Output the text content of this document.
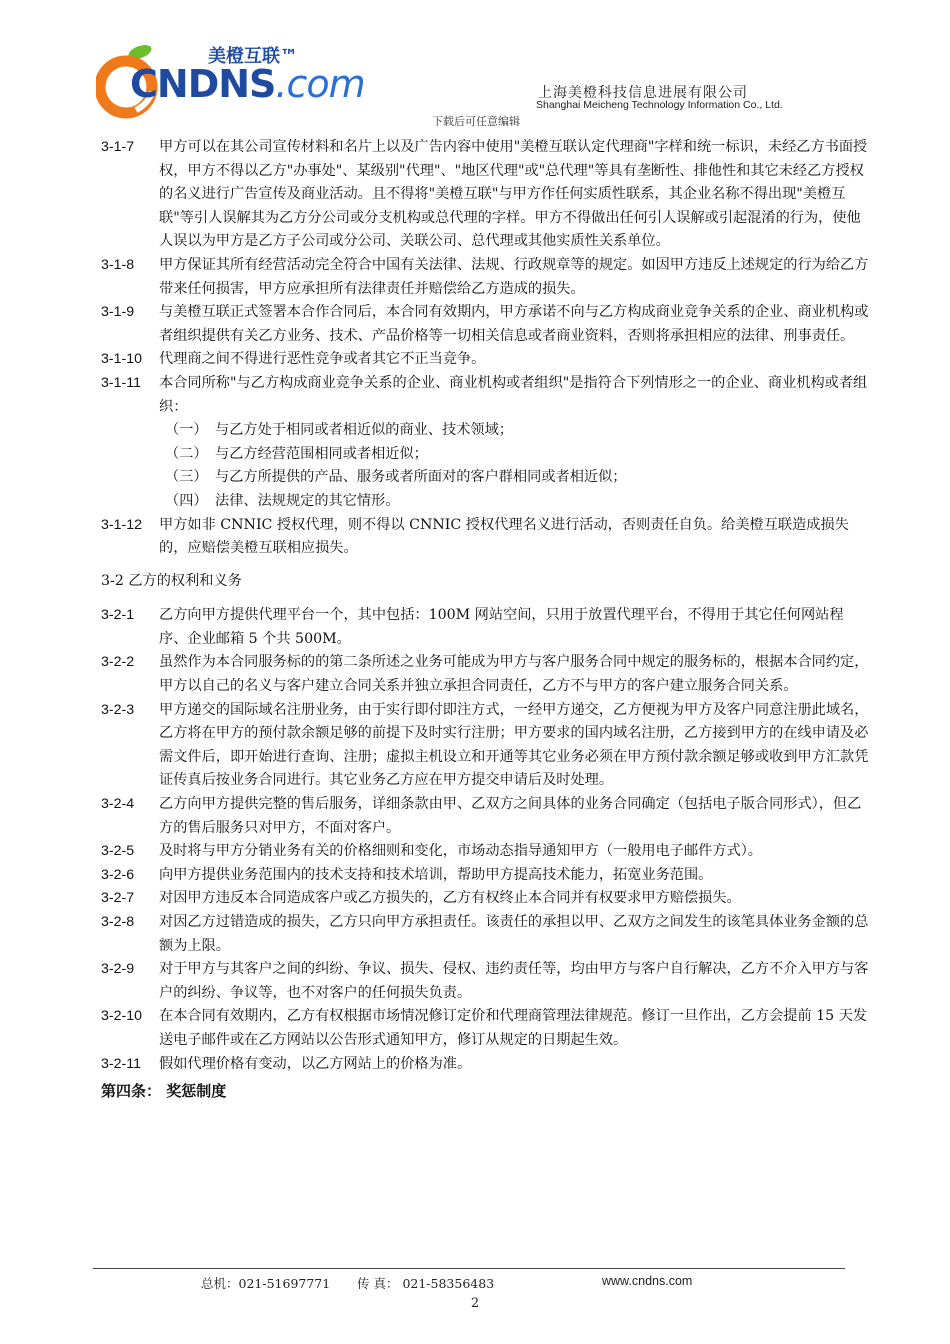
美橙互联™
CNDNS.com	上海美橙科技信息进展有限公司
Shanghai Meicheng Technology Information Co., Ltd.
下载后可任意编辑
3-1-7	甲方可以在其公司宣传材料和名片上以及广告内容中使用"美橙互联认定代理商"字样和统一标识，未经乙方书面授权，甲方不得以乙方"办事处"、某级别"代理"、"地区代理"或"总代理"等具有垄断性、排他性和其它未经乙方授权的名义进行广告宣传及商业活动。且不得将"美橙互联"与甲方作任何实质性联系，其企业名称不得出现"美橙互联"等引人误解其为乙方分公司或分支机构或总代理的字样。甲方不得做出任何引人误解或引起混淆的行为，使他人误以为甲方是乙方子公司或分公司、关联公司、总代理或其他实质性关系单位。
3-1-8	甲方保证其所有经营活动完全符合中国有关法律、法规、行政规章等的规定。如因甲方违反上述规定的行为给乙方带来任何损害，甲方应承担所有法律责任并赔偿给乙方造成的损失。
3-1-9	与美橙互联正式签署本合作合同后，本合同有效期内，甲方承诺不向与乙方构成商业竞争关系的企业、商业机构或者组织提供有关乙方业务、技术、产品价格等一切相关信息或者商业资料，否则将承担相应的法律、刑事责任。
3-1-10	代理商之间不得进行恶性竞争或者其它不正当竞争。
3-1-11	本合同所称"与乙方构成商业竞争关系的企业、商业机构或者组织"是指符合下列情形之一的企业、商业机构或者组织：
（一） 与乙方处于相同或者相近似的商业、技术领域；
（二） 与乙方经营范围相同或者相近似；
（三） 与乙方所提供的产品、服务或者所面对的客户群相同或者相近似；
（四） 法律、法规规定的其它情形。
3-1-12	甲方如非 CNNIC 授权代理，则不得以 CNNIC 授权代理名义进行活动，否则责任自负。给美橙互联造成损失的，应赔偿美橙互联相应损失。
3-2 乙方的权利和义务
3-2-1	乙方向甲方提供代理平台一个，其中包括：100M 网站空间，只用于放置代理平台，不得用于其它任何网站程序、企业邮箱 5 个共 500M。
3-2-2	虽然作为本合同服务标的的第二条所述之业务可能成为甲方与客户服务合同中规定的服务标的，根据本合同约定，甲方以自己的名义与客户建立合同关系并独立承担合同责任，乙方不与甲方的客户建立服务合同关系。
3-2-3	甲方递交的国际域名注册业务，由于实行即付即注方式，一经甲方递交，乙方便视为甲方及客户同意注册此域名，乙方将在甲方的预付款余额足够的前提下及时实行注册；甲方要求的国内域名注册，乙方接到甲方的在线申请及必需文件后，即开始进行查询、注册；虚拟主机设立和开通等其它业务必须在甲方预付款余额足够或收到甲方汇款凭证传真后按业务合同进行。其它业务乙方应在甲方提交申请后及时处理。
3-2-4	乙方向甲方提供完整的售后服务，详细条款由甲、乙双方之间具体的业务合同确定（包括电子版合同形式），但乙方的售后服务只对甲方，不面对客户。
3-2-5	及时将与甲方分销业务有关的价格细则和变化，市场动态指导通知甲方（一般用电子邮件方式）。
3-2-6	向甲方提供业务范围内的技术支持和技术培训，帮助甲方提高技术能力，拓宽业务范围。
3-2-7	对因甲方违反本合同造成客户或乙方损失的，乙方有权终止本合同并有权要求甲方赔偿损失。
3-2-8	对因乙方过错造成的损失，乙方只向甲方承担责任。该责任的承担以甲、乙双方之间发生的该笔具体业务金额的总额为上限。
3-2-9	对于甲方与其客户之间的纠纷、争议、损失、侵权、违约责任等，均由甲方与客户自行解决，乙方不介入甲方与客户的纠纷、争议等，也不对客户的任何损失负责。
3-2-10	在本合同有效期内，乙方有权根据市场情况修订定价和代理商管理法律规范。修订一旦作出，乙方会提前 15 天发送电子邮件或在乙方网站以公告形式通知甲方，修订从规定的日期起生效。
3-2-11	假如代理价格有变动，以乙方网站上的价格为准。
第四条： 奖惩制度
总机：021-51697771 传 真： 021-58356483	www.cndns.com
2
